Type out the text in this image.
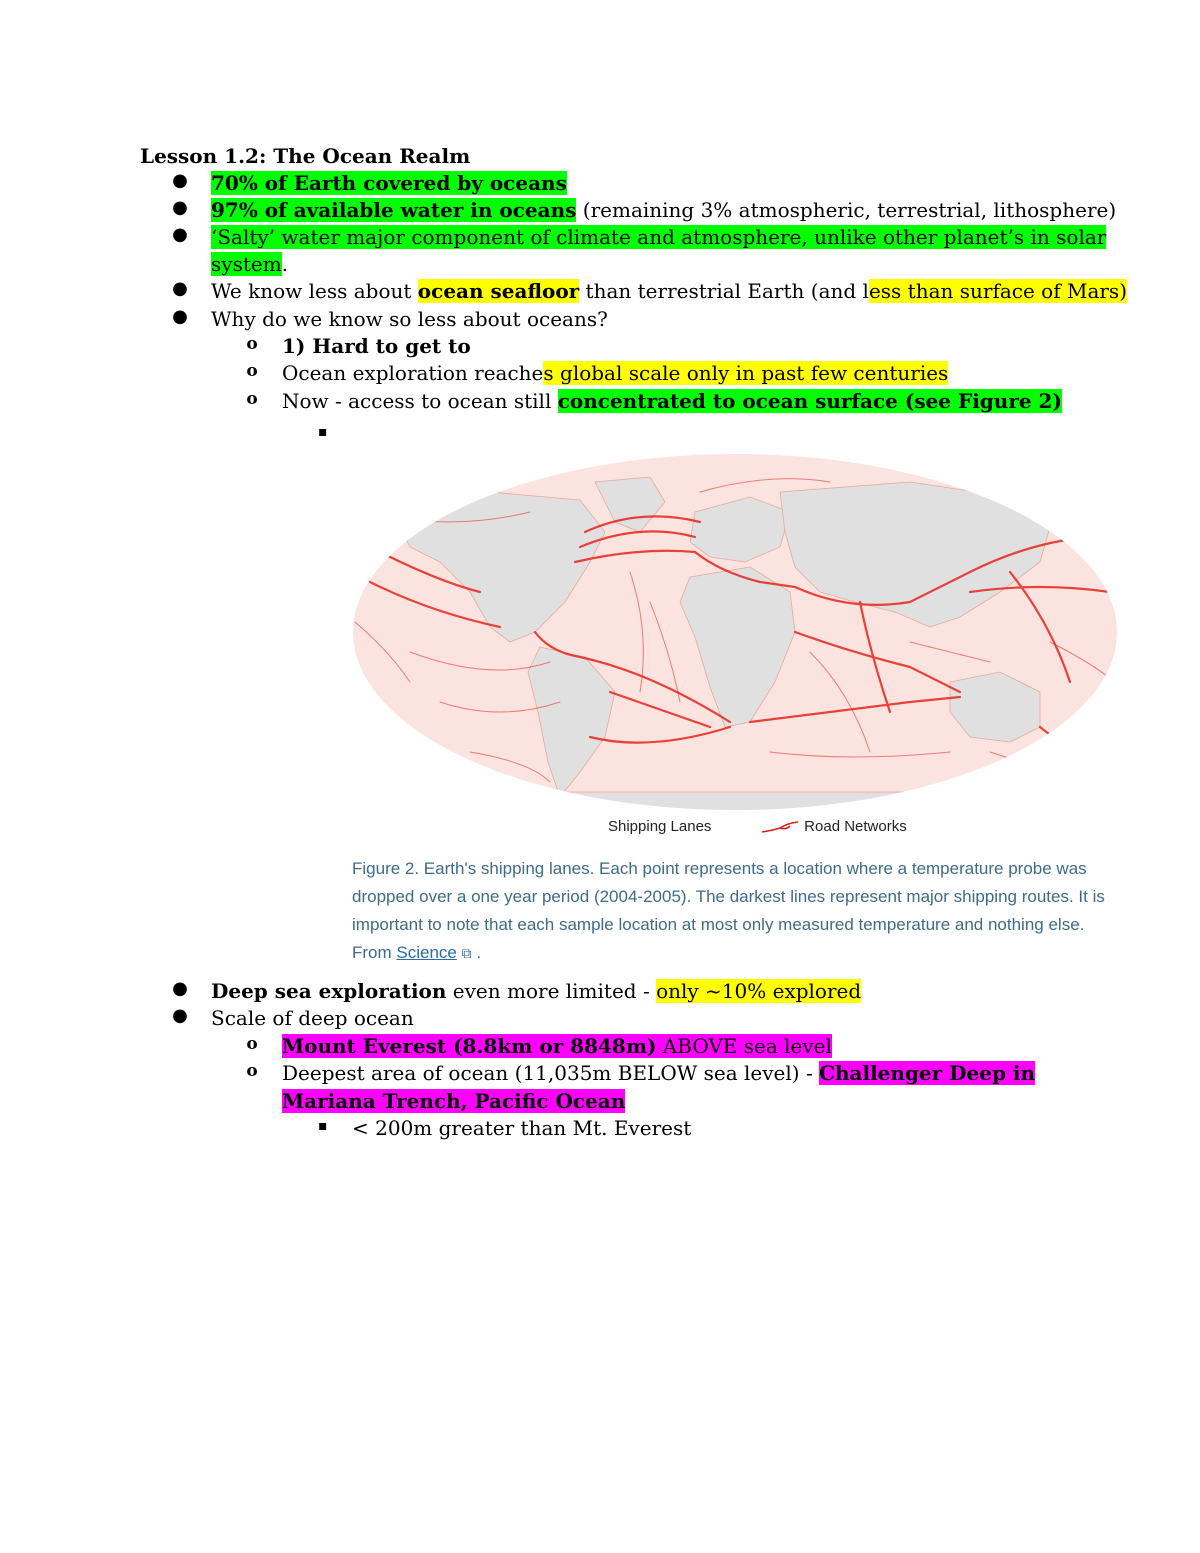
Lesson 1.2: The Ocean Realm
●	70% of Earth covered by oceans
●	97% of available water in oceans (remaining 3% atmospheric, terrestrial, lithosphere)
●	‘Salty’ water major component of climate and atmosphere, unlike other planet’s in solar
system.
●	We know less about ocean seafloor than terrestrial Earth (and less than surface of Mars)
●	Why do we know so less about oceans?
o	1) Hard to get to
o	Ocean exploration reaches global scale only in past few centuries
o	Now - access to ocean still concentrated to ocean surface (see Figure 2)
▪
Shipping Lanes	Road Networks
Figure 2. Earth's shipping lanes. Each point represents a location where a temperature probe was dropped over a one year period (2004-2005). The darkest lines represent major shipping routes. It is important to note that each sample location at most only measured temperature and nothing else. From Science ⧉ .
●	Deep sea exploration even more limited - only ~10% explored
●	Scale of deep ocean
o	Mount Everest (8.8km or 8848m) ABOVE sea level
o	Deepest area of ocean (11,035m BELOW sea level) - Challenger Deep in
Mariana Trench, Pacific Ocean
▪ < 200m greater than Mt. Everest
